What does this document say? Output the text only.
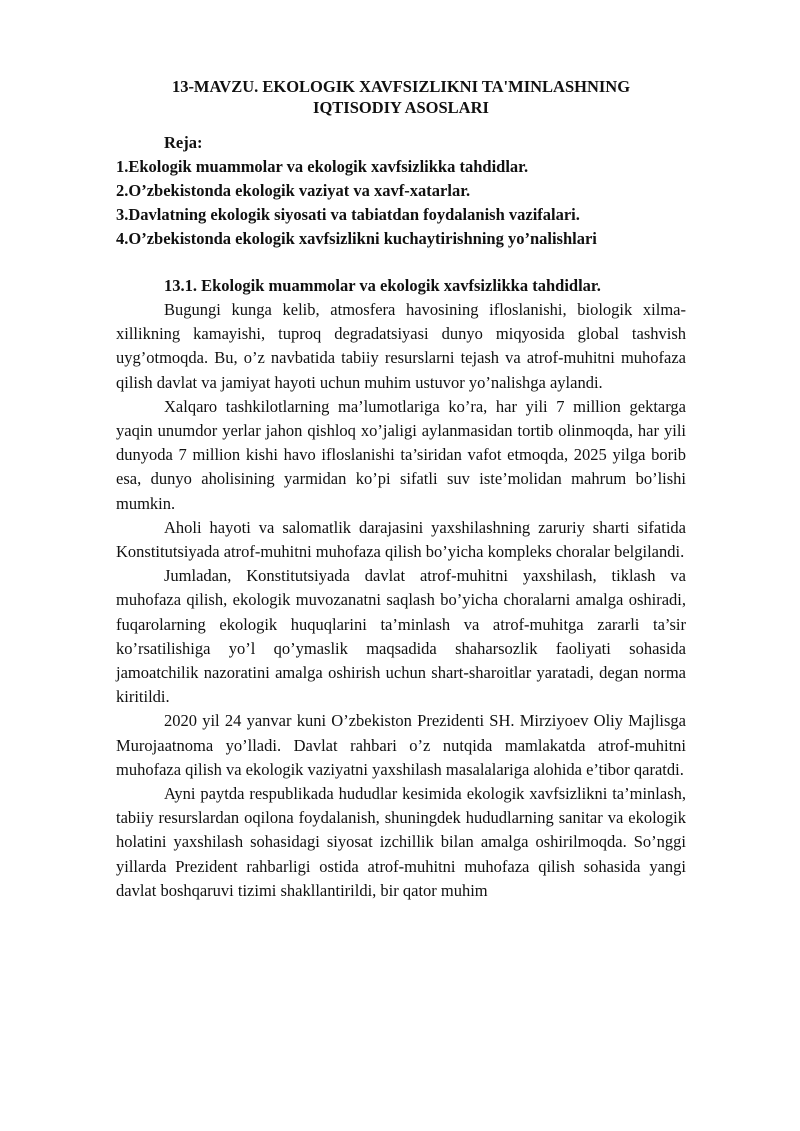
13-MAVZU. EKOLOGIK XAVFSIZLIKNI TA'MINLASHNING
IQTISODIY ASOSLARI

Reja:

1.Ekologik muammolar va ekologik xavfsizlikka tahdidlar.
2.O’zbekistonda ekologik vaziyat va xavf-xatarlar.
3.Davlatning ekologik siyosati va tabiatdan foydalanish vazifalari.
4.O’zbekistonda ekologik xavfsizlikni kuchaytirishning yo’nalishlari
13.1. Ekologik muammolar va ekologik xavfsizlikka tahdidlar.

Bugungi kunga kelib, atmosfera havosining ifloslanishi, biologik xilma-xillikning kamayishi, tuproq degradatsiyasi dunyo miqyosida global tashvish uyg’otmoqda. Bu, o’z navbatida tabiiy resurslarni tejash va atrof-muhitni muhofaza qilish davlat va jamiyat hayoti uchun muhim ustuvor yo’nalishga aylandi.

Xalqaro tashkilotlarning ma’lumotlariga ko’ra, har yili 7 million gektarga yaqin unumdor yerlar jahon qishloq xo’jaligi aylanmasidan tortib olinmoqda, har yili dunyoda 7 million kishi havo ifloslanishi ta’siridan vafot etmoqda, 2025 yilga borib esa, dunyo aholisining yarmidan ko’pi sifatli suv iste’molidan mahrum bo’lishi mumkin.

Aholi hayoti va salomatlik darajasini yaxshilashning zaruriy sharti sifatida Konstitutsiyada atrof-muhitni muhofaza qilish bo’yicha kompleks choralar belgilandi.

Jumladan, Konstitutsiyada davlat atrof-muhitni yaxshilash, tiklash va muhofaza qilish, ekologik muvozanatni saqlash bo’yicha choralarni amalga oshiradi, fuqarolarning ekologik huquqlarini ta’minlash va atrof-muhitga zararli ta’sir ko’rsatilishiga yo’l qo’ymaslik maqsadida shaharsozlik faoliyati sohasida jamoatchilik nazoratini amalga oshirish uchun shart-sharoitlar yaratadi, degan norma kiritildi.

2020 yil 24 yanvar kuni O’zbekiston Prezidenti SH. Mirziyoev Oliy Majlisga Murojaatnoma yo’lladi. Davlat rahbari o’z nutqida mamlakatda atrof-muhitni muhofaza qilish va ekologik vaziyatni yaxshilash masalalariga alohida e’tibor qaratdi.

Ayni paytda respublikada hududlar kesimida ekologik xavfsizlikni ta’minlash, tabiiy resurslardan oqilona foydalanish, shuningdek hududlarning sanitar va ekologik holatini yaxshilash sohasidagi siyosat izchillik bilan amalga oshirilmoqda. So’nggi yillarda Prezident rahbarligi ostida atrof-muhitni muhofaza qilish sohasida yangi davlat boshqaruvi tizimi shakllantirildi, bir qator muhim
